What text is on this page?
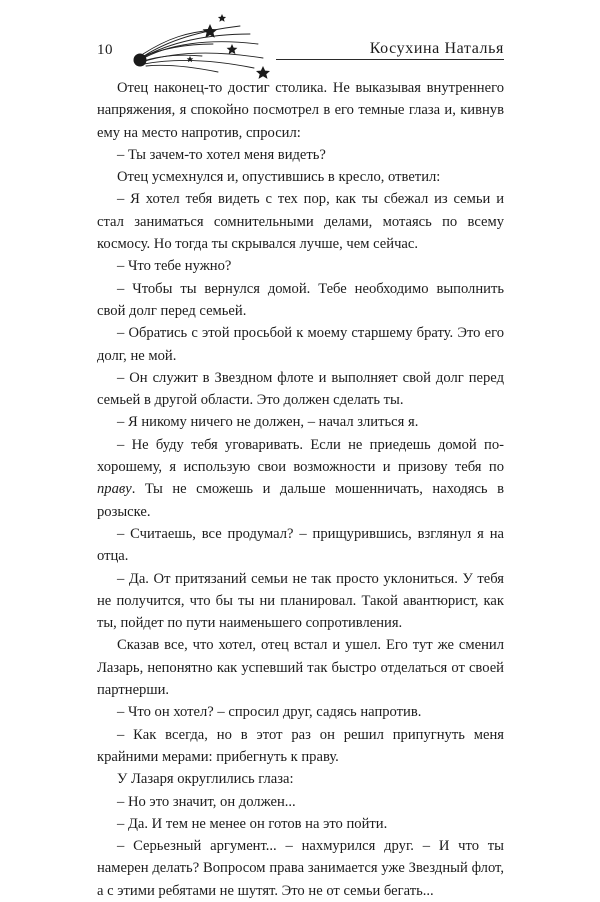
10	Косухина Наталья

Отец наконец-то достиг столика. Не выказывая внутреннего напряжения, я спокойно посмотрел в его темные глаза и, кивнув ему на место напротив, спросил:

– Ты зачем-то хотел меня видеть?

Отец усмехнулся и, опустившись в кресло, ответил:

– Я хотел тебя видеть с тех пор, как ты сбежал из семьи и стал заниматься сомнительными делами, мотаясь по всему космосу. Но тогда ты скрывался лучше, чем сейчас.

– Что тебе нужно?

– Чтобы ты вернулся домой. Тебе необходимо выполнить свой долг перед семьей.

– Обратись с этой просьбой к моему старшему брату. Это его долг, не мой.

– Он служит в Звездном флоте и выполняет свой долг перед семьей в другой области. Это должен сделать ты.

– Я никому ничего не должен, – начал злиться я.

– Не буду тебя уговаривать. Если не приедешь домой по-хорошему, я использую свои возможности и призову тебя по праву. Ты не сможешь и дальше мошенничать, находясь в розыске.

– Считаешь, все продумал? – прищурившись, взглянул я на отца.

– Да. От притязаний семьи не так просто уклониться. У тебя не получится, что бы ты ни планировал. Такой авантюрист, как ты, пойдет по пути наименьшего сопротивления.

Сказав все, что хотел, отец встал и ушел. Его тут же сменил Лазарь, непонятно как успевший так быстро отделаться от своей партнерши.

– Что он хотел? – спросил друг, садясь напротив.

– Как всегда, но в этот раз он решил припугнуть меня крайними мерами: прибегнуть к праву.

У Лазаря округлились глаза:

– Но это значит, он должен...

– Да. И тем не менее он готов на это пойти.

– Серьезный аргумент... – нахмурился друг. – И что ты намерен делать? Вопросом права занимается уже Звездный флот, а с этими ребятами не шутят. Это не от семьи бегать...
